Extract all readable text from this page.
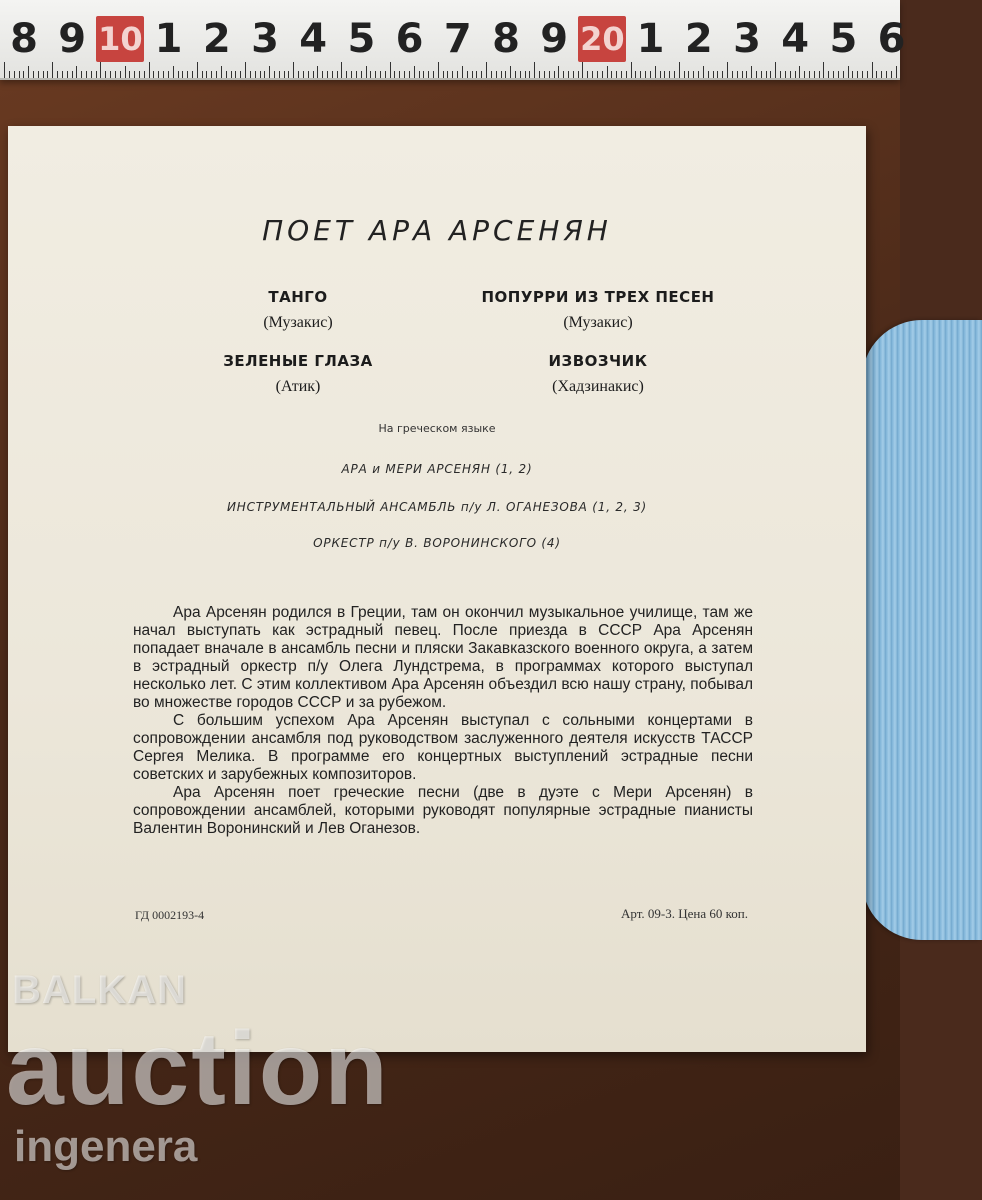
8 9 10 1 2 3 4 5 6 7 8 9 20 1 2 3 4 5 6
ПОЕТ АРА АРСЕНЯН
ТАНГО
(Музакис)
ПОПУРРИ ИЗ ТРЕХ ПЕСЕН
(Музакис)
ЗЕЛЕНЫЕ ГЛАЗА
(Атик)
ИЗВОЗЧИК
(Хадзинакис)
На греческом языке
АРА и МЕРИ АРСЕНЯН (1, 2)
ИНСТРУМЕНТАЛЬНЫЙ АНСАМБЛЬ п/у Л. ОГАНЕЗОВА (1, 2, 3)
ОРКЕСТР п/у В. ВОРОНИНСКОГО (4)

Ара Арсенян родился в Греции, там он окончил музыкальное училище, там же начал выступать как эстрадный певец. После приезда в СССР Ара Арсенян попадает вначале в ансамбль песни и пляски Закавказского военного округа, а затем в эстрадный оркестр п/у Олега Лундстрема, в программах которого выступал несколько лет. С этим коллективом Ара Арсенян объездил всю нашу страну, побывал во множестве городов СССР и за рубежом.

С большим успехом Ара Арсенян выступал с сольными концертами в сопровождении ансамбля под руководством заслуженного деятеля искусств ТАССР Сергея Мелика. В программе его концертных выступлений эстрадные песни советских и зарубежных композиторов.

Ара Арсенян поет греческие песни (две в дуэте с Мери Арсенян) в сопровождении ансамблей, которыми руководят популярные эстрадные пианисты Валентин Воронинский и Лев Оганезов.

ГД 0002193-4	Арт. 09-3. Цена 60 коп.
BALKAN
auction
ingenera
